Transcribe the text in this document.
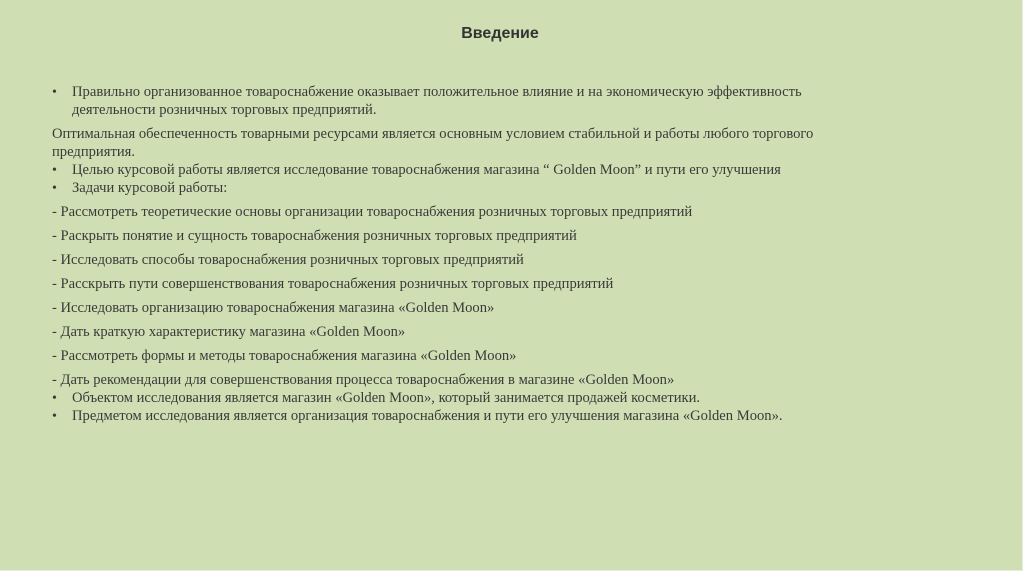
Введение
• Правильно организованное товароснабжение оказывает положительное влияние и на экономическую эффективность
деятельности розничных торговых предприятий.
Оптимальная обеспеченность товарными ресурсами является основным условием стабильной и работы любого торгового
предприятия.
• Целью курсовой работы является исследование товароснабжения магазина “ Golden Moon” и пути его улучшения
• Задачи курсовой работы:
- Рассмотреть теоретические основы организации товароснабжения розничных торговых предприятий
- Раскрыть понятие и сущность товароснабжения розничных торговых предприятий
- Исследовать способы товароснабжения розничных торговых предприятий
- Расскрыть пути совершенствования товароснабжения розничных торговых предприятий
- Исследовать организацию товароснабжения магазина «Golden Moon»
- Дать краткую характеристику магазина «Golden Moon»
- Рассмотреть формы и методы товароснабжения магазина «Golden Moon»
- Дать рекомендации для совершенствования процесса товароснабжения в магазине «Golden Moon»
• Объектом исследования является магазин «Golden Moon», который занимается продажей косметики.
• Предметом исследования является организация товароснабжения и пути его улучшения магазина «Golden Moon».
